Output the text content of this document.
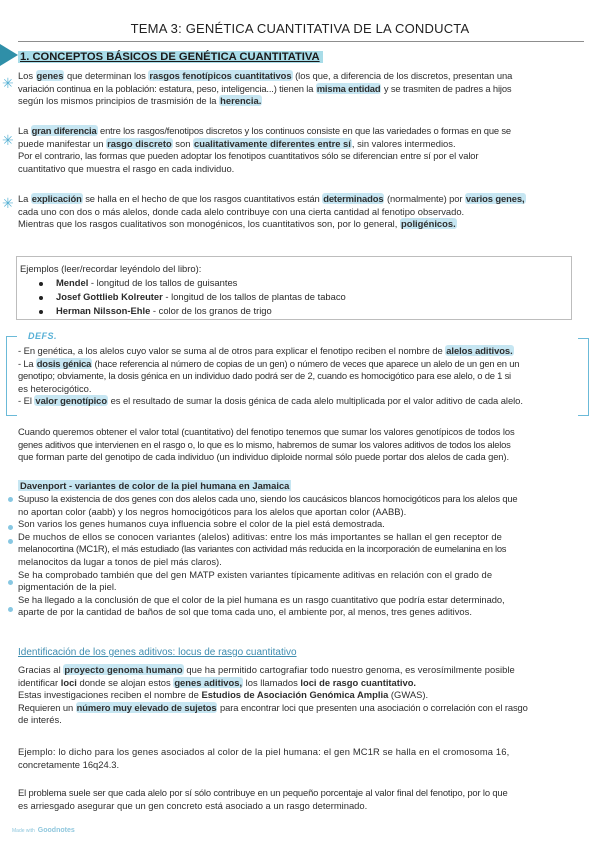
TEMA 3: GENÉTICA CUANTITATIVA DE LA CONDUCTA
1. CONCEPTOS BÁSICOS DE GENÉTICA CUANTITATIVA
✳ Los genes que determinan los rasgos fenotípicos cuantitativos (los que, a diferencia de los discretos, presentan una
variación continua en la población: estatura, peso, inteligencia...) tienen la misma entidad y se trasmiten de padres a hijos
según los mismos principios de trasmisión de la herencia.
✳
La gran diferencia entre los rasgos/fenotipos discretos y los continuos consiste en que las variedades o formas en que se
puede manifestar un rasgo discreto son cualitativamente diferentes entre sí, sin valores intermedios.
Por el contrario, las formas que pueden adoptar los fenotipos cuantitativos sólo se diferencian entre sí por el valor
cuantitativo que muestra el rasgo en cada individuo.
✳ La explicación se halla en el hecho de que los rasgos cuantitativos están determinados (normalmente) por varios genes,
cada uno con dos o más alelos, donde cada alelo contribuye con una cierta cantidad al fenotipo observado.
Mientras que los rasgos cualitativos son monogénicos, los cuantitativos son, por lo general, poligénicos.
Ejemplos (leer/recordar leyéndolo del libro):
Mendel - longitud de los tallos de guisantes
Josef Gottlieb Kolreuter - longitud de los tallos de plantas de tabaco
Herman Nilsson-Ehle - color de los granos de trigo
DEFS.
- En genética, a los alelos cuyo valor se suma al de otros para explicar el fenotipo reciben el nombre de alelos aditivos.
- La dosis génica (hace referencia al número de copias de un gen) o número de veces que aparece un alelo de un gen en un
genotipo; obviamente, la dosis génica en un individuo dado podrá ser de 2, cuando es homocigótico para ese alelo, o de 1 si
es heterocigótico.
- El valor genotípico es el resultado de sumar la dosis génica de cada alelo multiplicada por el valor aditivo de cada alelo.
Cuando queremos obtener el valor total (cuantitativo) del fenotipo tenemos que sumar los valores genotípicos de todos los
genes aditivos que intervienen en el rasgo o, lo que es lo mismo, habremos de sumar los valores aditivos de todos los alelos
que forman parte del genotipo de cada individuo (un individuo diploide normal sólo puede portar dos alelos de cada gen).
Davenport - variantes de color de la piel humana en Jamaica
Supuso la existencia de dos genes con dos alelos cada uno, siendo los caucásicos blancos homocigóticos para los alelos que
no aportan color (aabb) y los negros homocigóticos para los alelos que aportan color (AABB).
Son varios los genes humanos cuya influencia sobre el color de la piel está demostrada.
De muchos de ellos se conocen variantes (alelos) aditivas: entre los más importantes se hallan el gen receptor de
melanocortina (MC1R), el más estudiado (las variantes con actividad más reducida en la incorporación de eumelanina en los
melanocitos da lugar a tonos de piel más claros).
Se ha comprobado también que del gen MATP existen variantes típicamente aditivas en relación con el grado de
pigmentación de la piel.
Se ha llegado a la conclusión de que el color de la piel humana es un rasgo cuantitativo que podría estar determinado,
aparte de por la cantidad de baños de sol que toma cada uno, el ambiente por, al menos, tres genes aditivos.
Identificación de los genes aditivos: locus de rasgo cuantitativo
Gracias al proyecto genoma humano que ha permitido cartografiar todo nuestro genoma, es verosímilmente posible
identificar loci donde se alojan estos genes aditivos, los llamados loci de rasgo cuantitativo.
Estas investigaciones reciben el nombre de Estudios de Asociación Genómica Amplia (GWAS).
Requieren un número muy elevado de sujetos para encontrar loci que presenten una asociación o correlación con el rasgo
de interés.
Ejemplo: lo dicho para los genes asociados al color de la piel humana: el gen MC1R se halla en el cromosoma 16,
concretamente 16q24.3.
El problema suele ser que cada alelo por sí sólo contribuye en un pequeño porcentaje al valor final del fenotipo, por lo que
es arriesgado asegurar que un gen concreto está asociado a un rasgo determinado.
Made with Goodnotes
